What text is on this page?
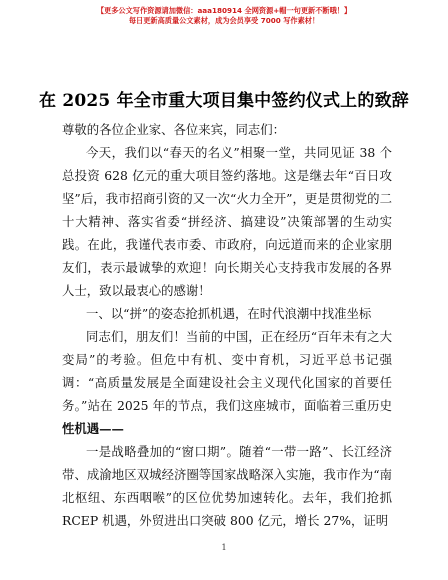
【更多公文写作资源请加微信：aaa180914 全网资源+帽一句更新不断哦！】
每日更新高质量公文素材，成为会员享受 7000 写作素材！
在 2025 年全市重大项目集中签约仪式上的致辞

尊敬的各位企业家、各位来宾，同志们：

今天，我们以“春天的名义”相聚一堂，共同见证 38 个总投资 628 亿元的重大项目签约落地。这是继去年“百日攻坚”后，我市招商引资的又一次“火力全开”，更是贯彻党的二十大精神、落实省委“拼经济、搞建设”决策部署的生动实践。在此，我谨代表市委、市政府，向远道而来的企业家朋友们，表示最诚挚的欢迎！向长期关心支持我市发展的各界人士，致以最衷心的感谢！

一、以“拼”的姿态抢抓机遇，在时代浪潮中找准坐标

同志们，朋友们！当前的中国，正在经历“百年未有之大变局”的考验。但危中有机、变中育机，习近平总书记强调：“高质量发展是全面建设社会主义现代化国家的首要任务。”站在 2025 年的节点，我们这座城市，面临着三重历史性机遇——

一是战略叠加的“窗口期”。随着“一带一路”、长江经济带、成渝地区双城经济圈等国家战略深入实施，我市作为“南北枢纽、东西咽喉”的区位优势加速转化。去年，我们抢抓 RCEP 机遇，外贸进出口突破 800 亿元，增长 27%，证明

1
